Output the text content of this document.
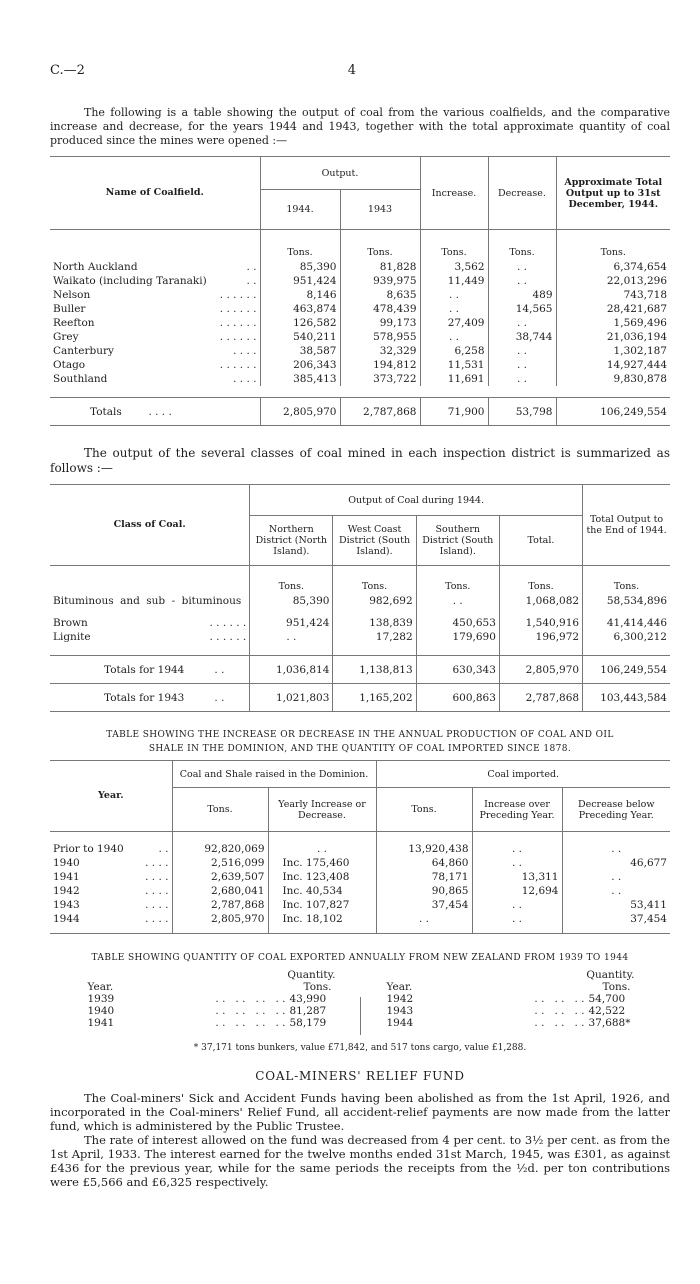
C.—2	4

The following is a table showing the output of coal from the various coalfields, and the comparative increase and decrease, for the years 1944 and 1943, together with the total approximate quantity of coal produced since the mines were opened :—

Name of Coalfield.	Output.		Increase.	Decrease.	Approximate Total Output up to 31st December, 1944.
	1944.	1943			
	Tons.	Tons.	Tons.	Tons.	Tons.
North Auckland . .	85,390	81,828	3,562	. .	6,374,654
Waikato (including Taranaki) . .	951,424	939,975	11,449	. .	22,013,296
Nelson . . . . . .	8,146	8,635	. .	489	743,718
Buller . . . . . .	463,874	478,439	. .	14,565	28,421,687
Reefton . . . . . .	126,582	99,173	27,409	. .	1,569,496
Grey . . . . . .	540,211	578,955	. .	38,744	21,036,194
Canterbury . . . .	38,587	32,329	6,258	. .	1,302,187
Otago . . . . . .	206,343	194,812	11,531	. .	14,927,444
Southland . . . .	385,413	373,722	11,691	. .	9,830,878

Totals . . . .	2,805,970	2,787,868	71,900	53,798	106,249,554

The output of the several classes of coal mined in each inspection district is summarized as follows :—

Class of Coal.	Output of Coal during 1944.				Total Output to the End of 1944.
	Northern District (North Island).	West Coast District (South Island).	Southern District (South Island).	Total.	
	Tons.	Tons.	Tons.	Tons.	Tons.
Bituminous and sub - bituminous	85,390	982,692	. .	1,068,082	58,534,896

Brown . . . . . .	951,424	138,839	450,653	1,540,916	41,414,446
Lignite . . . . . .	. .	17,282	179,690	196,972	6,300,212

Totals for 1944 . .	1,036,814	1,138,813	630,343	2,805,970	106,249,554
Totals for 1943 . .	1,021,803	1,165,202	600,863	2,787,868	103,443,584
TABLE SHOWING THE INCREASE OR DECREASE IN THE ANNUAL PRODUCTION OF COAL AND OIL
SHALE IN THE DOMINION, AND THE QUANTITY OF COAL IMPORTED SINCE 1878.
Year.	Coal and Shale raised in the Dominion.		Coal imported.		
	Tons.	Yearly Increase or Decrease.	Tons.	Increase over Preceding Year.	Decrease below Preceding Year.

Prior to 1940 . .	92,820,069	. .	13,920,438	. .	. .
1940 . . . .	2,516,099	Inc. 175,460	64,860	. .	46,677
1941 . . . .	2,639,507	Inc. 123,408	78,171	13,311	. .
1942 . . . .	2,680,041	Inc. 40,534	90,865	12,694	. .
1943 . . . .	2,787,868	Inc. 107,827	37,454	. .	53,411
1944 . . . .	2,805,970	Inc. 18,102	. .	. .	37,454

TABLE SHOWING QUANTITY OF COAL EXPORTED ANNUALLY FROM NEW ZEALAND FROM 1939 TO 1944
Quantity.
Year.	Tons.
1939	. .   . .   . .   . . 43,990
1940	. .   . .   . .   . . 81,287
1941	. .   . .   . .   . . 58,179
Quantity.
Year.	Tons.
1942	. .   . .   . . 54,700
1943	. .   . .   . . 42,522
1944	. .   . .   . . 37,688*
* 37,171 tons bunkers, value £71,842, and 517 tons cargo, value £1,288.
COAL-MINERS' RELIEF FUND

The Coal-miners' Sick and Accident Funds having been abolished as from the 1st April, 1926, and incorporated in the Coal-miners' Relief Fund, all accident-relief payments are now made from the latter fund, which is administered by the Public Trustee.

The rate of interest allowed on the fund was decreased from 4 per cent. to 3½ per cent. as from the 1st April, 1933. The interest earned for the twelve months ended 31st March, 1945, was £301, as against £436 for the previous year, while for the same periods the receipts from the ½d. per ton contributions were £5,566 and £6,325 respectively.
